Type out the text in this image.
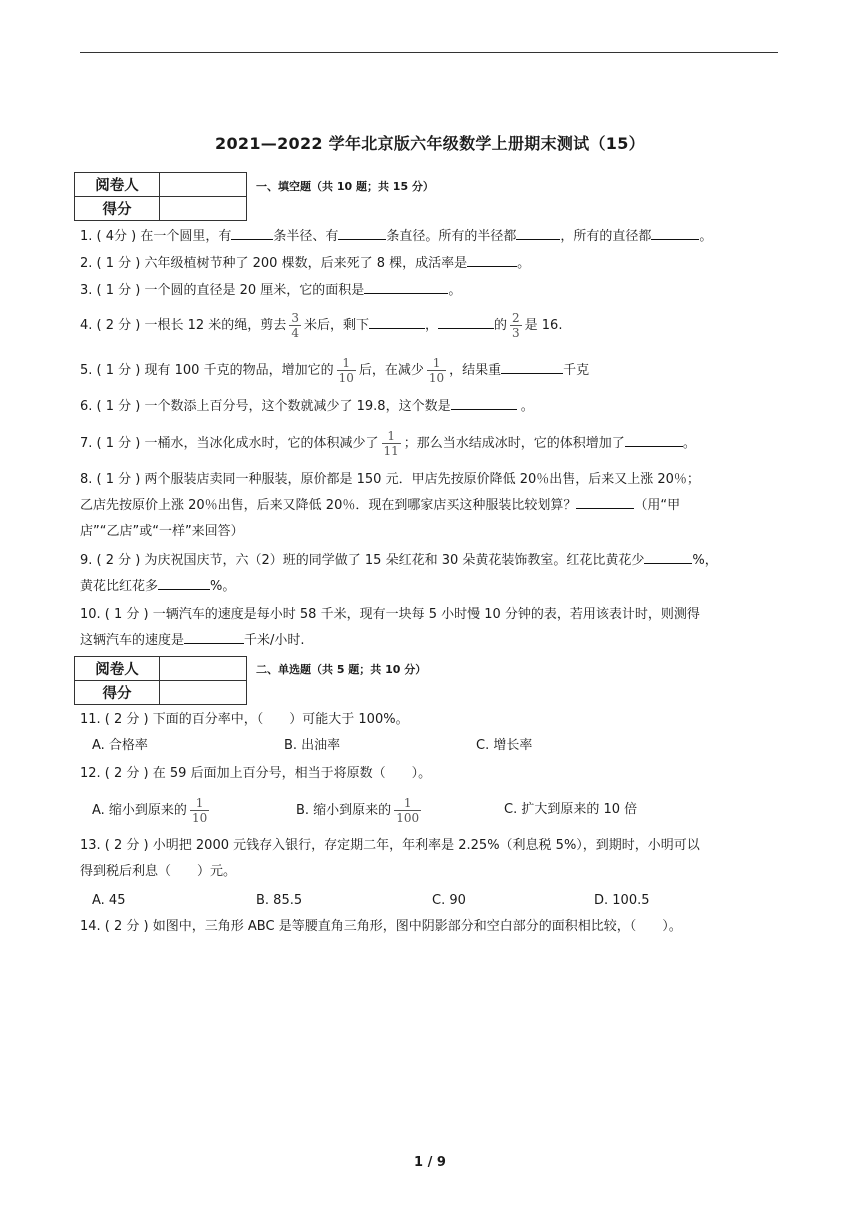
2021—2022 学年北京版六年级数学上册期末测试（15）
阅卷人	
得分	
一、填空题（共 10 题；共 15 分）
1. ( 4分 ) 在一个圆里，有	条半径、有	条直径。所有的半径都	，所有的直径都	。
2. ( 1 分 ) 六年级植树节种了 200 棵数，后来死了 8 棵，成活率是	。
3. ( 1 分 ) 一个圆的直径是 20 厘米，它的面积是	。
4. ( 2 分 ) 一根长 12 米的绳，剪去 $\frac{3}{4}$ 米后，剩下	，	的 $\frac{2}{3}$ 是 16.
5. ( 1 分 ) 现有 100 千克的物品，增加它的 $\frac{1}{10}$ 后，在减少 $\frac{1}{10}$ ，结果重	千克
6. ( 1 分 ) 一个数添上百分号，这个数就减少了 19.8，这个数是	。
7. ( 1 分 ) 一桶水，当冰化成水时，它的体积减少了 $\frac{1}{11}$ ；那么当水结成冰时，它的体积增加了	。
8. ( 1 分 ) 两个服装店卖同一种服装，原价都是 150 元．甲店先按原价降低 20％出售，后来又上涨 20％；
乙店先按原价上涨 20％出售，后来又降低 20％．现在到哪家店买这种服装比较划算？	（用“甲
店”“乙店”或“一样”来回答）
9. ( 2 分 ) 为庆祝国庆节，六（2）班的同学做了 15 朵红花和 30 朵黄花装饰教室。红花比黄花少	%，
黄花比红花多	%。
10. ( 1 分 ) 一辆汽车的速度是每小时 58 千米，现有一块每 5 小时慢 10 分钟的表，若用该表计时，则测得
这辆汽车的速度是	千米/小时.
阅卷人	
得分	
二、单选题（共 5 题；共 10 分）
11. ( 2 分 ) 下面的百分率中，（　　）可能大于 100%。
A. 合格率	B. 出油率	C. 增长率
12. ( 2 分 ) 在 59 后面加上百分号，相当于将原数（　　）。
A. 缩小到原来的 $\frac{1}{10}$	B. 缩小到原来的 $\frac{1}{100}$	C. 扩大到原来的 10 倍
13. ( 2 分 ) 小明把 2000 元钱存入银行，存定期二年，年利率是 2.25%（利息税 5%），到期时，小明可以
得到税后利息（　　）元。
A. 45	B. 85.5	C. 90	D. 100.5
14. ( 2 分 ) 如图中，三角形 ABC 是等腰直角三角形，图中阴影部分和空白部分的面积相比较，（　　）。
1 / 9
